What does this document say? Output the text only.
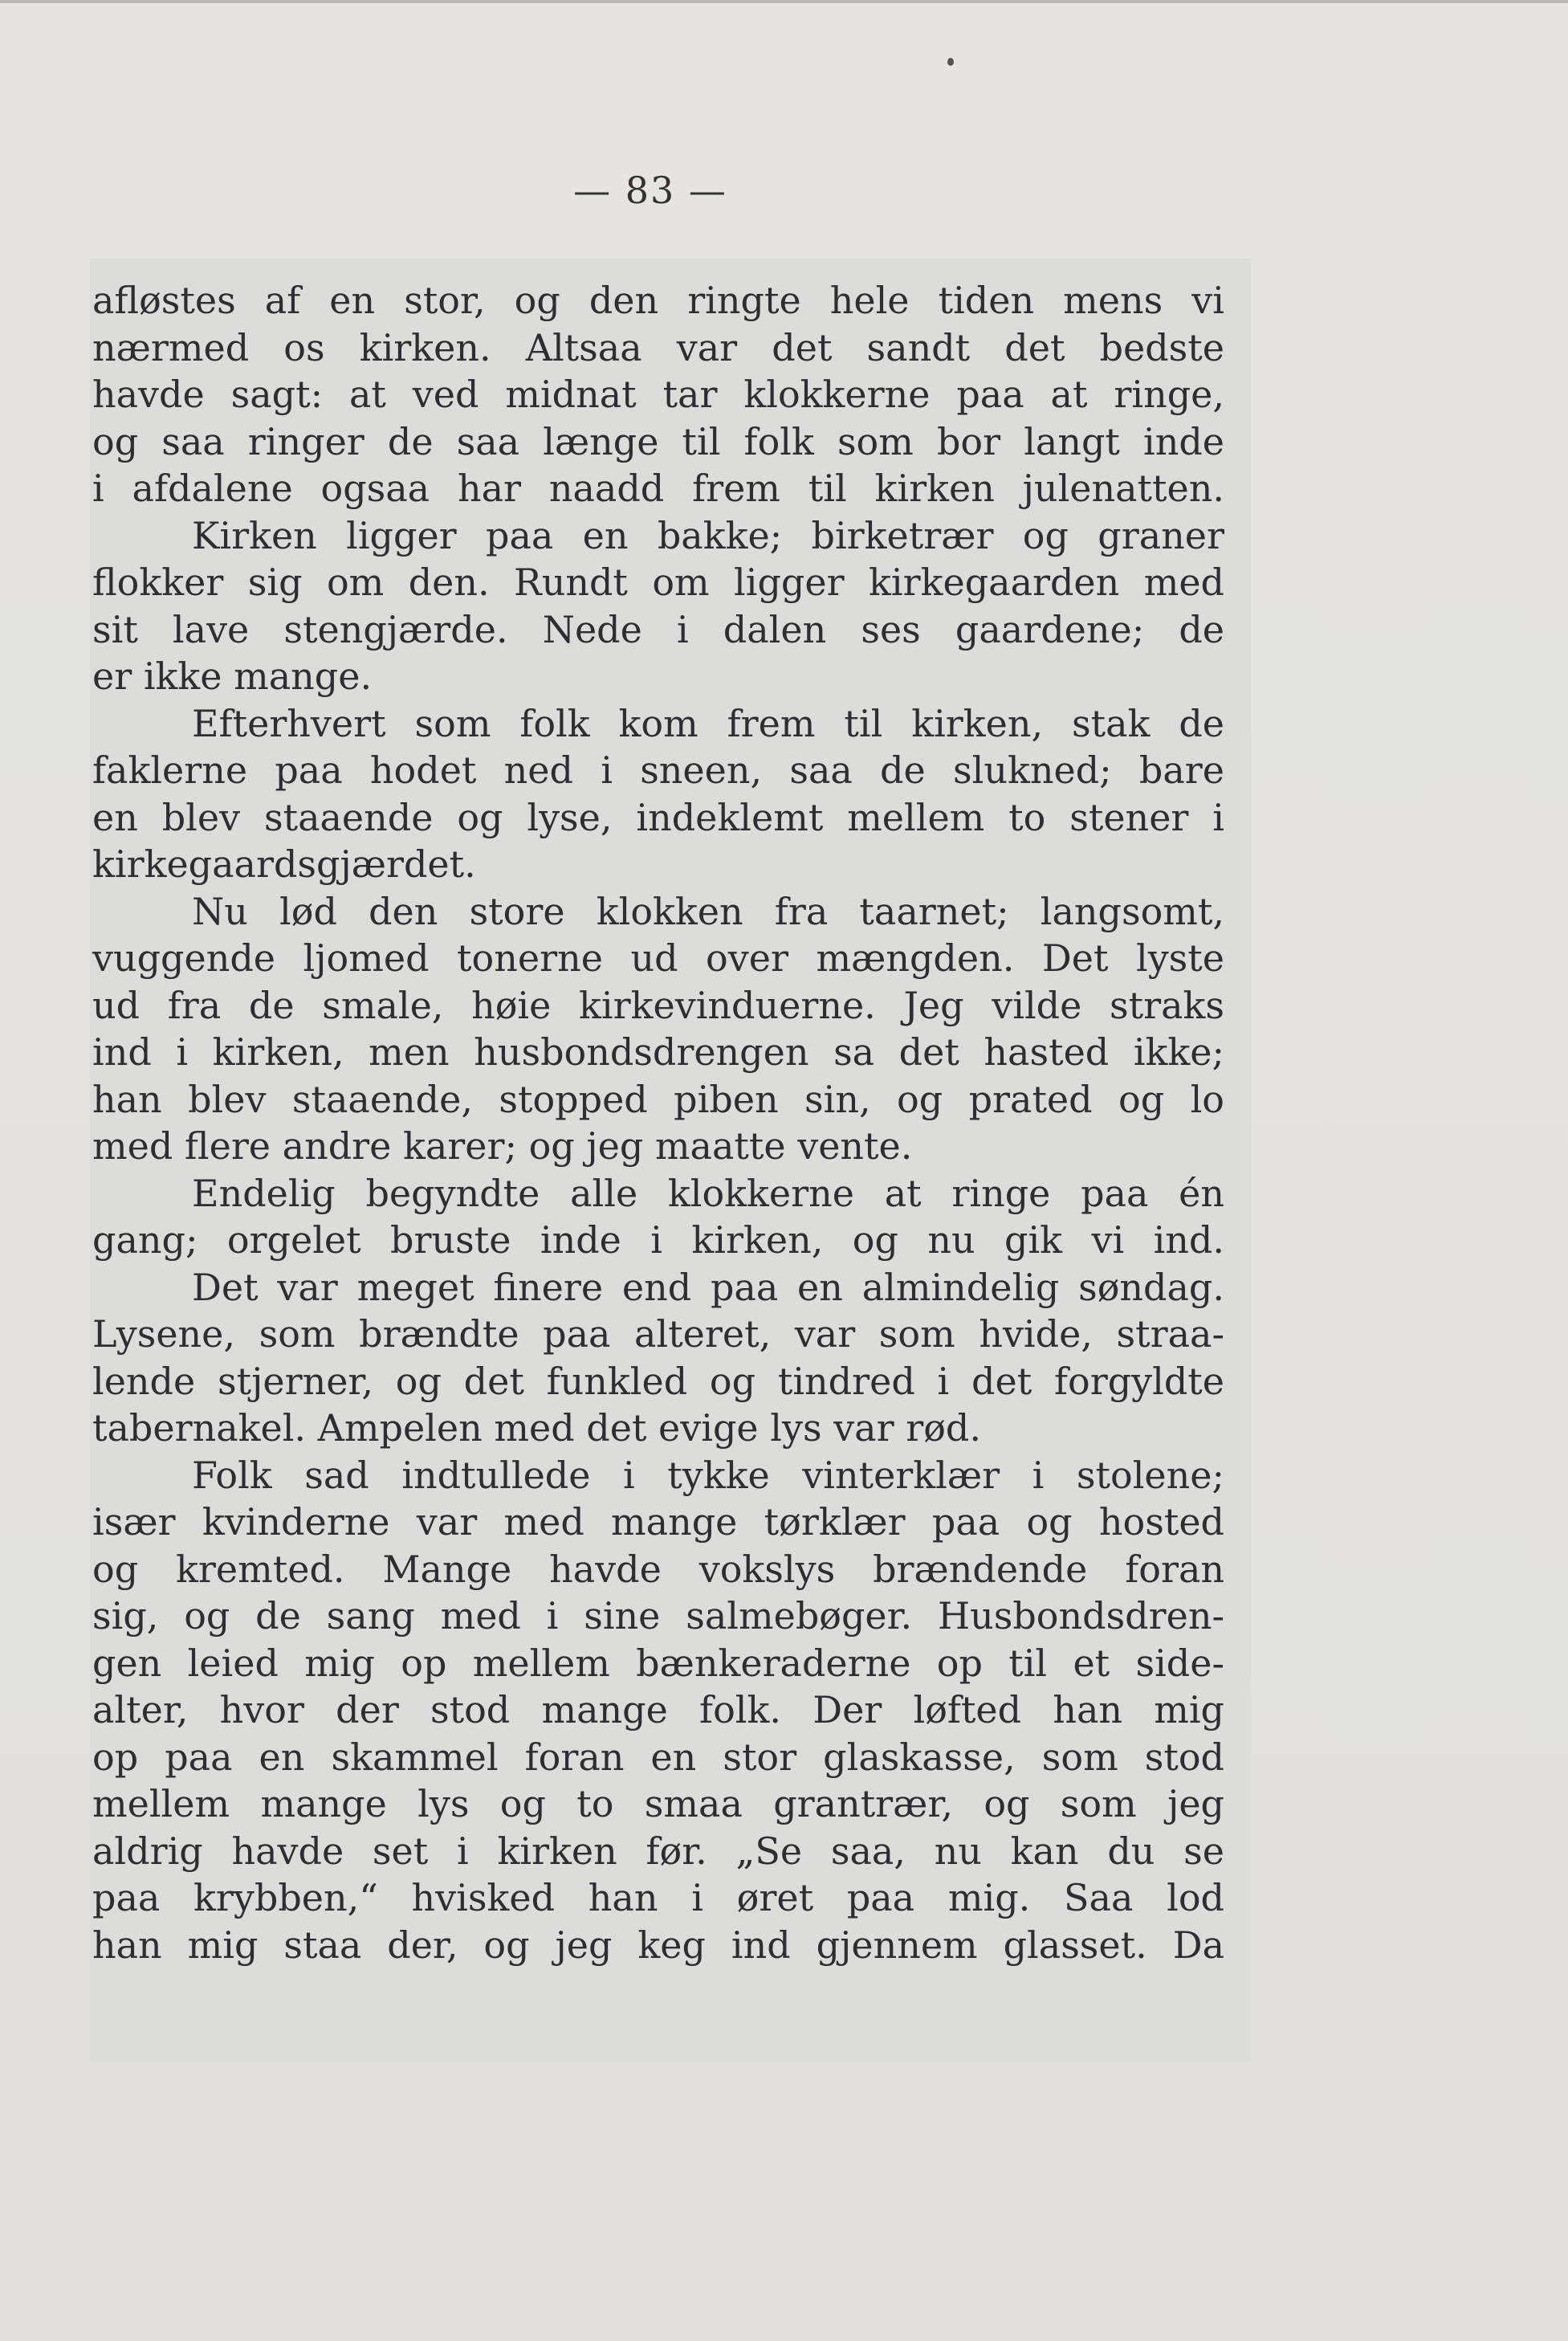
— 83 —
afløstes af en stor, og den ringte hele tiden mens vi
nærmed os kirken. Altsaa var det sandt det bedste
havde sagt: at ved midnat tar klokkerne paa at ringe,
og saa ringer de saa længe til folk som bor langt inde
i afdalene ogsaa har naadd frem til kirken julenatten.
Kirken ligger paa en bakke; birketrær og graner
flokker sig om den. Rundt om ligger kirkegaarden med
sit lave stengjærde. Nede i dalen ses gaardene; de
er ikke mange.
Efterhvert som folk kom frem til kirken, stak de
faklerne paa hodet ned i sneen, saa de slukned; bare
en blev staaende og lyse, indeklemt mellem to stener i
kirkegaardsgjærdet.
Nu lød den store klokken fra taarnet; langsomt,
vuggende ljomed tonerne ud over mængden. Det lyste
ud fra de smale, høie kirkevinduerne. Jeg vilde straks
ind i kirken, men husbondsdrengen sa det hasted ikke;
han blev staaende, stopped piben sin, og prated og lo
med flere andre karer; og jeg maatte vente.
Endelig begyndte alle klokkerne at ringe paa én
gang; orgelet bruste inde i kirken, og nu gik vi ind.
Det var meget finere end paa en almindelig søndag.
Lysene, som brændte paa alteret, var som hvide, straa-
lende stjerner, og det funkled og tindred i det forgyldte
tabernakel. Ampelen med det evige lys var rød.
Folk sad indtullede i tykke vinterklær i stolene;
især kvinderne var med mange tørklær paa og hosted
og kremted. Mange havde vokslys brændende foran
sig, og de sang med i sine salmebøger. Husbondsdren-
gen leied mig op mellem bænkeraderne op til et side-
alter, hvor der stod mange folk. Der løfted han mig
op paa en skammel foran en stor glaskasse, som stod
mellem mange lys og to smaa grantrær, og som jeg
aldrig havde set i kirken før. „Se saa, nu kan du se
paa krybben,“ hvisked han i øret paa mig. Saa lod
han mig staa der, og jeg keg ind gjennem glasset. Da
